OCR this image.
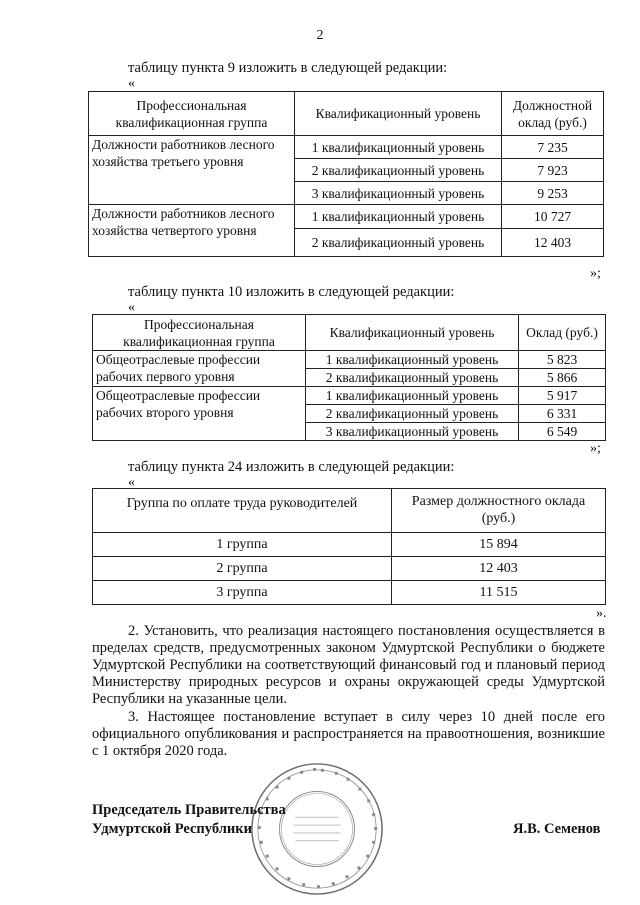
2
таблицу пункта 9 изложить в следующей редакции:
«
Профессиональная квалификационная группа	Квалификационный уровень	Должностной оклад (руб.)
Должности работников лесного хозяйства третьего уровня	1 квалификационный уровень	7 235
	2 квалификационный уровень	7 923
	3 квалификационный уровень	9 253
Должности работников лесного хозяйства четвертого уровня	1 квалификационный уровень	10 727
	2 квалификационный уровень	12 403
»;
таблицу пункта 10 изложить в следующей редакции:
«
Профессиональная квалификационная группа	Квалификационный уровень	Оклад (руб.)
Общеотраслевые профессии рабочих первого уровня	1 квалификационный уровень	5 823
	2 квалификационный уровень	5 866
Общеотраслевые профессии рабочих второго уровня	1 квалификационный уровень	5 917
	2 квалификационный уровень	6 331
	3 квалификационный уровень	6 549
»;
таблицу пункта 24 изложить в следующей редакции:
«
Группа по оплате труда руководителей	Размер должностного оклада (руб.)
1 группа	15 894
2 группа	12 403
3 группа	11 515
».
2. Установить, что реализация настоящего постановления осуществляется в пределах средств, предусмотренных законом Удмуртской Республики о бюджете Удмуртской Республики на соответствующий финансовый год и плановый период Министерству природных ресурсов и охраны окружающей среды Удмуртской Республики на указанные цели.
3. Настоящее постановление вступает в силу через 10 дней после его официального опубликования и распространяется на правоотношения, возникшие с 1 октября 2020 года.
Председатель Правительства
Удмуртской Республики	Я.В. Семенов
